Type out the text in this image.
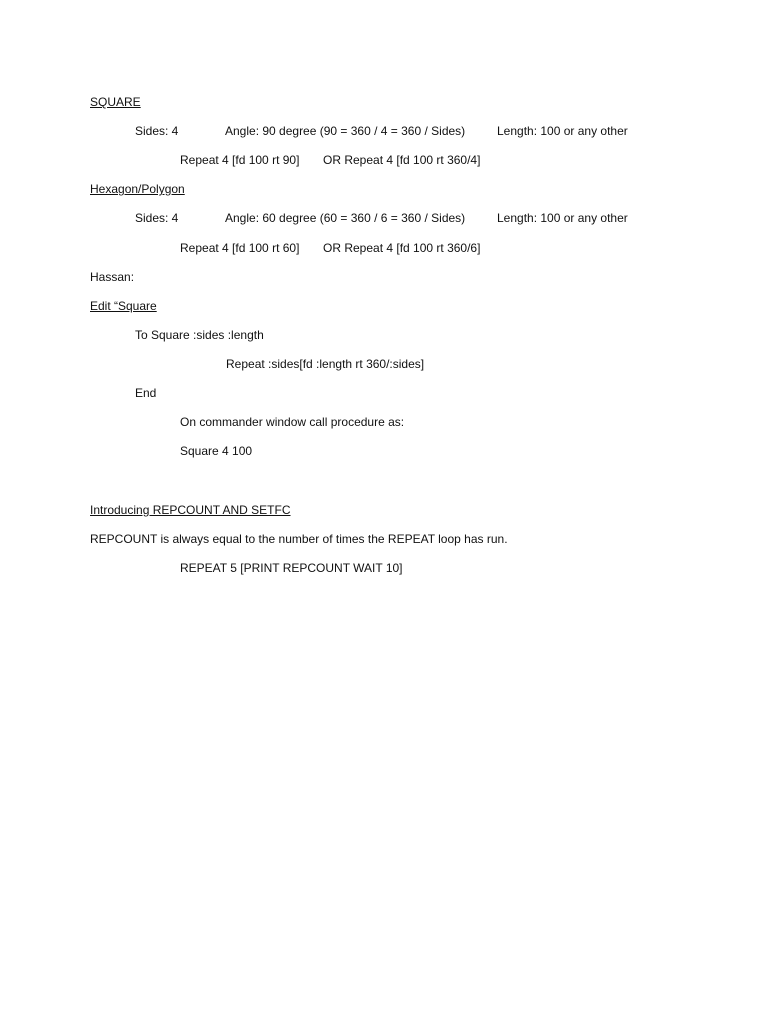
SQUARE
Sides: 4	Angle: 90 degree (90 = 360 / 4 = 360 / Sides)	Length: 100 or any other
Repeat 4 [fd 100 rt 90] OR Repeat 4 [fd 100 rt 360/4]
Hexagon/Polygon
Sides: 4	Angle: 60 degree (60 = 360 / 6 = 360 / Sides)	Length: 100 or any other
Repeat 4 [fd 100 rt 60] OR Repeat 4 [fd 100 rt 360/6]
Hassan:
Edit “Square
To Square :sides :length
Repeat :sides[fd :length rt 360/:sides]
End
On commander window call procedure as:
Square 4 100
Introducing REPCOUNT AND SETFC
REPCOUNT is always equal to the number of times the REPEAT loop has run.
REPEAT 5 [PRINT REPCOUNT WAIT 10]
